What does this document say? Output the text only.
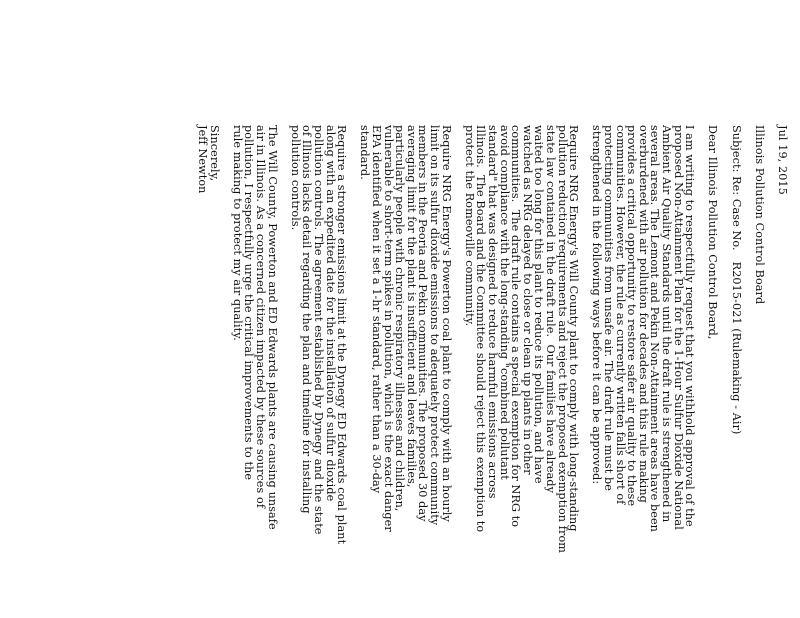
Jul 19, 2015
Illinois Pollution Control Board
Subject: Re: Case No.   R2015-021 (Rulemaking - Air)
Dear Illinois Pollution Control Board,
I am writing to respectfully request that you withhold approval of the
proposed Non-Attainment Plan for the 1-Hour Sulfur Dioxide National
Ambient Air Quality Standards until the draft rule is strengthened in
several areas. The Lemont and Pekin Non-Attainment areas have been
overburdened with air pollution for decades and this rule making
provides a critical opportunity to restore safer air quality to these
communities. However, the rule as currently written falls short of
protecting communities from unsafe air. The draft rule must be
strengthened in the following ways before it can be approved:
Require NRG Energy's Will County plant to comply with long-standing
pollution reduction requirements and reject the proposed exemption from
state law contained in the draft rule.  Our families have already
waited too long for this plant to reduce its pollution, and have
watched as NRG delayed to close or clean up plants in other
communities.  The draft rule contains a special exemption for NRG to
avoid compliance with the long-standing "combined pollutant
standard" that was designed to reduce harmful emissions across
Illinois.  The Board and the Committee should reject this exemption to
protect the Romeoville community.
Require NRG Energy's Powerton coal plant to comply with an hourly
limit on its sulfur dioxide emissions to adequately protect community
members in the Peoria and Pekin communities. The proposed 30 day
averaging limit for the plant is insufficient and leaves families,
particularly people with chronic respiratory illnesses and children,
vulnerable to short-term spikes in pollution, which is the exact danger
EPA identified when it set a 1-hr standard, rather than a 30-day
standard.
Require a stronger emissions limit at the Dynegy ED Edwards coal plant
along with an expedited date for the installation of sulfur dioxide
pollution controls. The agreement established by Dynegy and the state
of Illinois lacks detail regarding the plan and timeline for installing
pollution controls.
The Will County, Powerton and ED Edwards plants are causing unsafe
air in Illinois. As a concerned citizen impacted by these sources of
pollution, I respectfully urge the critical improvements to the
rule making to protect my air quality.
Sincerely,
Jeff Newton
